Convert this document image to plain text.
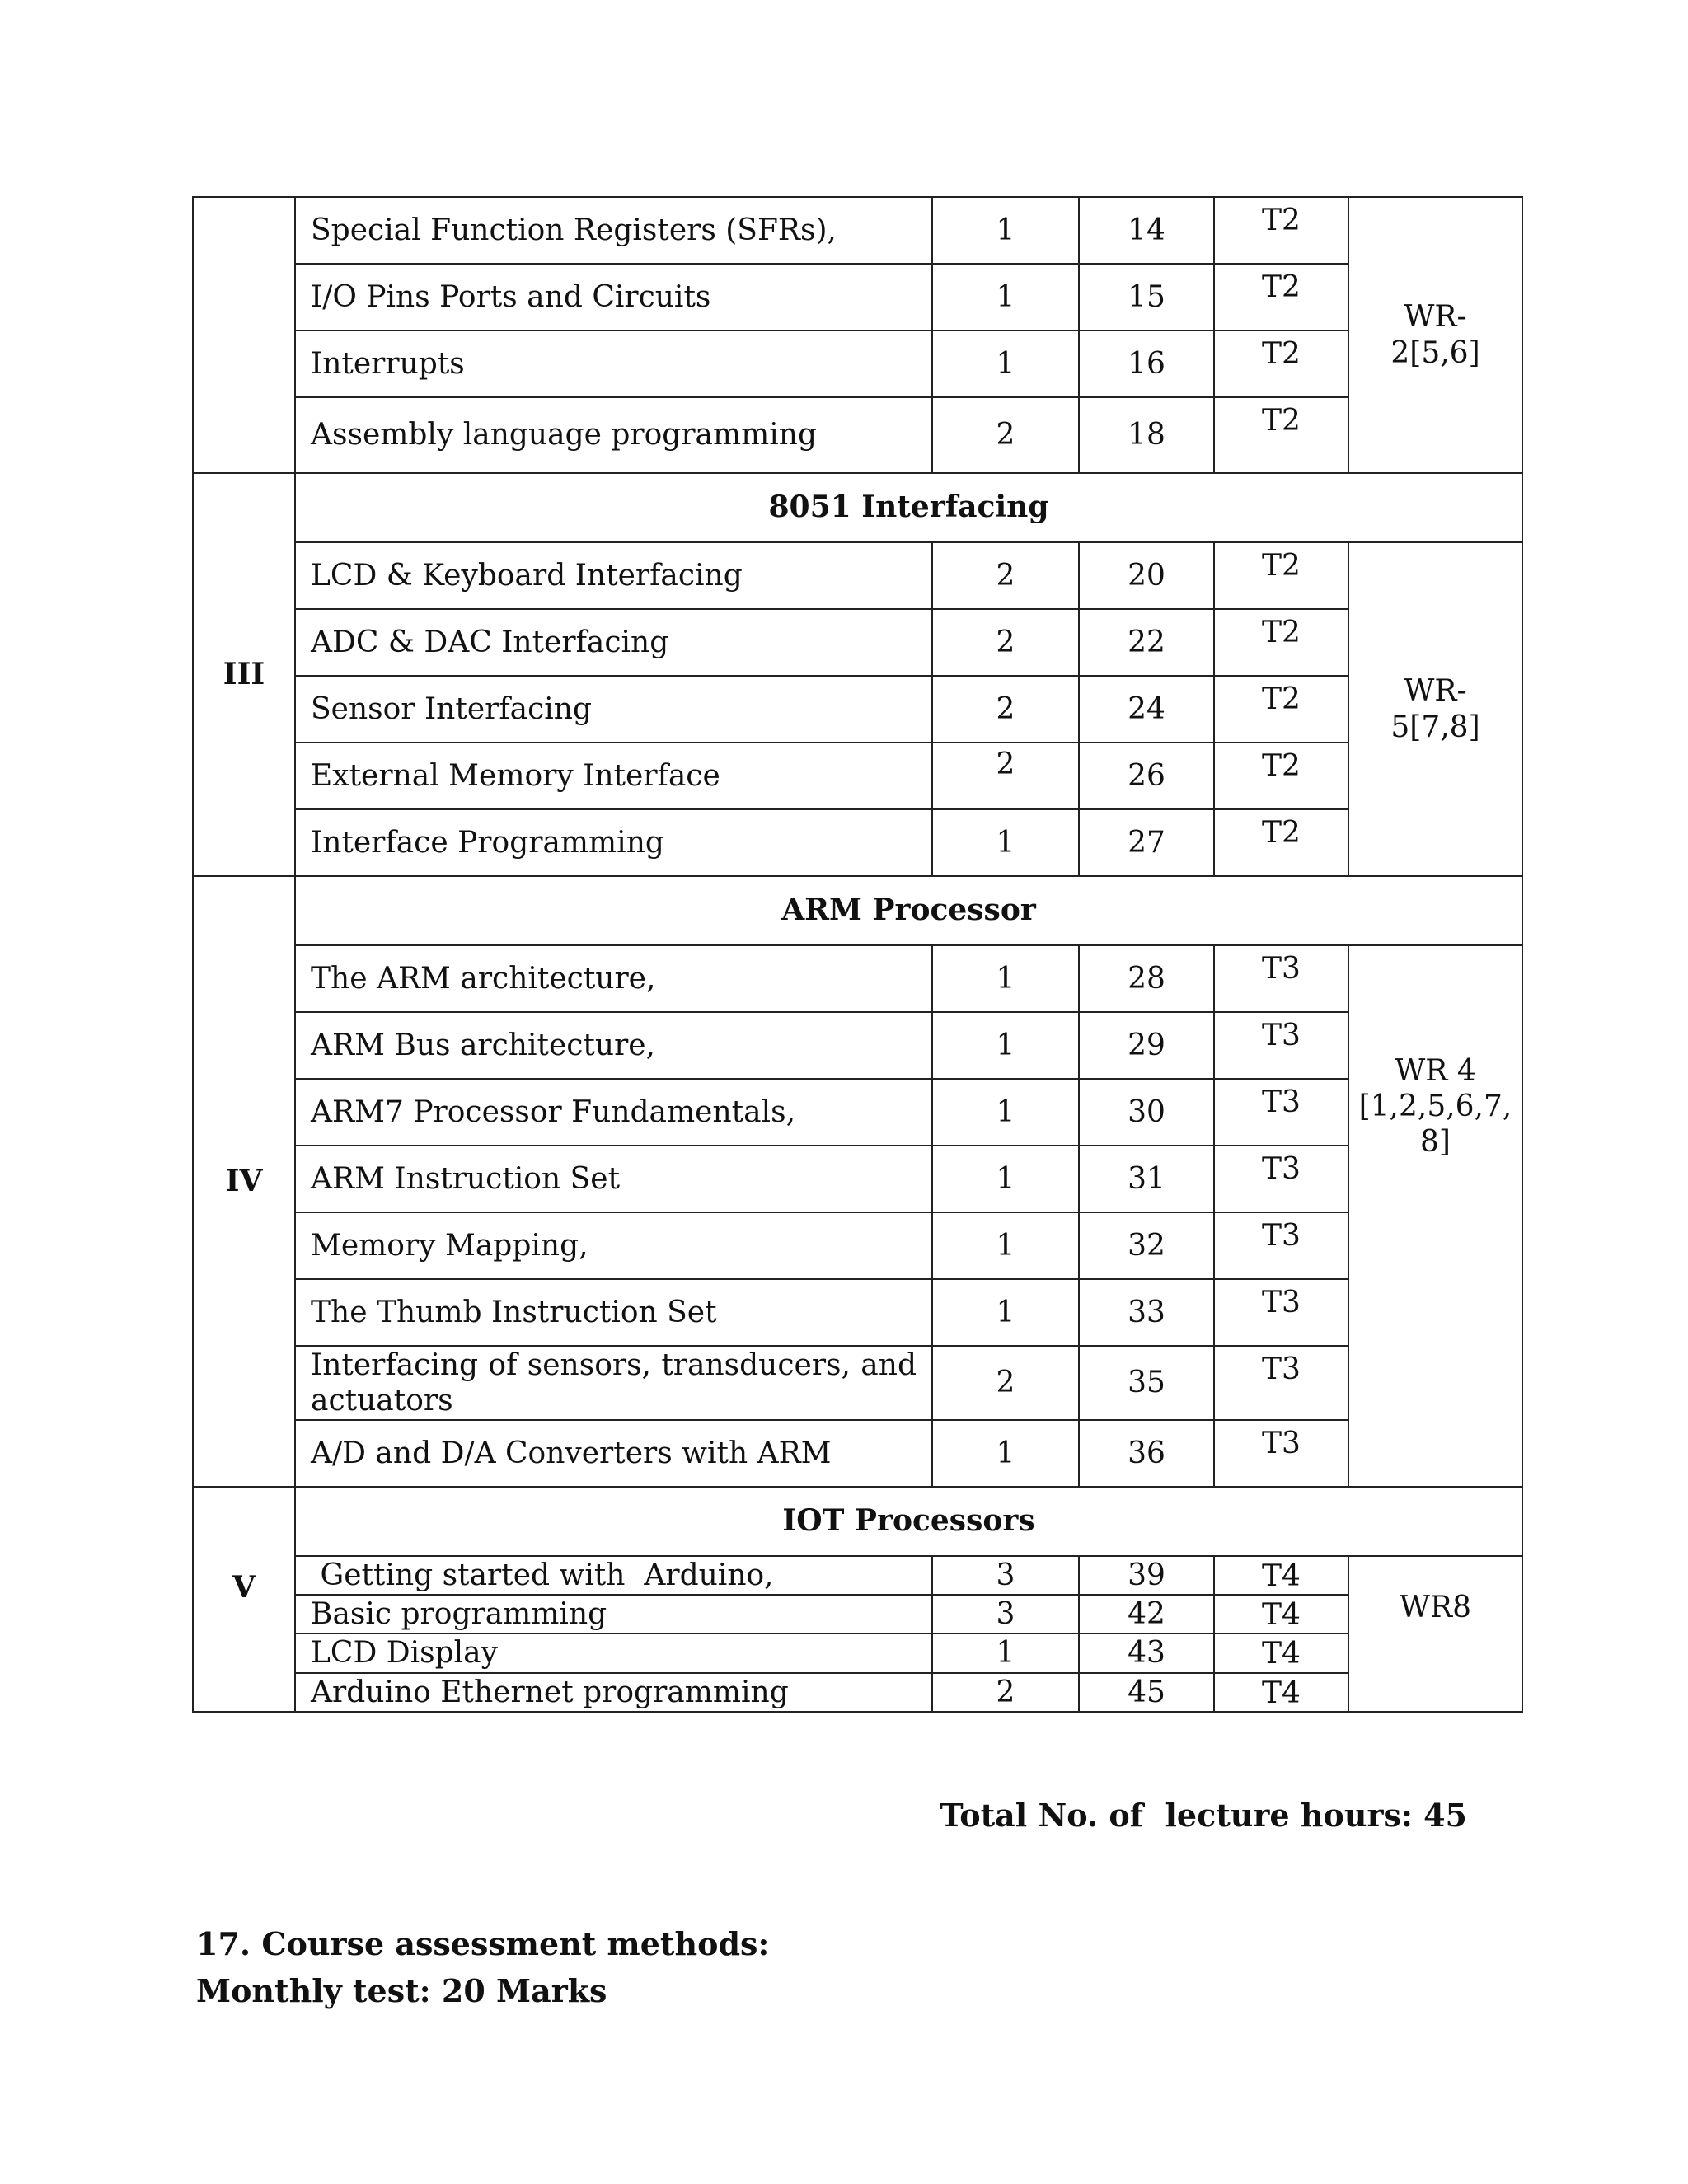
	Special Function Registers (SFRs),	1	14	T2	WR-
2[5,6]
	I/O Pins Ports and Circuits	1	15	T2	
	Interrupts	1	16	T2	
	Assembly language programming	2	18	T2	
III	8051 Interfacing				
	LCD & Keyboard Interfacing	2	20	T2	WR-
5[7,8]
	ADC & DAC Interfacing	2	22	T2	
	Sensor Interfacing	2	24	T2	
	External Memory Interface	2	26	T2	
	Interface Programming	1	27	T2	
IV	ARM Processor				
	The ARM architecture,	1	28	T3	WR 4
[1,2,5,6,7,
8]
	ARM Bus architecture,	1	29	T3	
	ARM7 Processor Fundamentals,	1	30	T3	
	ARM Instruction Set	1	31	T3	
	Memory Mapping,	1	32	T3	
	The Thumb Instruction Set	1	33	T3	
	Interfacing of sensors, transducers, and actuators	2	35	T3	
	A/D and D/A Converters with ARM	1	36	T3	
V	IOT Processors				
	Getting started with  Arduino,	3	39	T4	WR8
	Basic programming	3	42	T4	
	LCD Display	1	43	T4	
	Arduino Ethernet programming	2	45	T4	
Total No. of  lecture hours: 45
17. Course assessment methods:
Monthly test: 20 Marks
